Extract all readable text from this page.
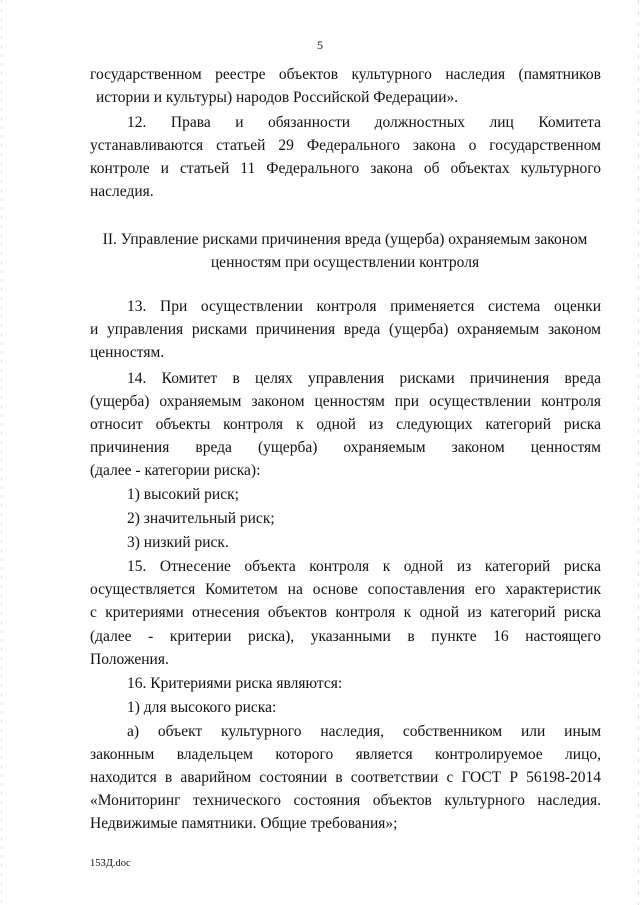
5
государственном реестре объектов культурного наследия (памятников
истории и культуры) народов Российской Федерации».
12. Права и обязанности должностных лиц Комитета
устанавливаются статьей 29 Федерального закона о государственном
контроле и статьей 11 Федерального закона об объектах культурного
наследия.
II. Управление рисками причинения вреда (ущерба) охраняемым законом
ценностям при осуществлении контроля
13. При осуществлении контроля применяется система оценки
и управления рисками причинения вреда (ущерба) охраняемым законом
ценностям.
14. Комитет в целях управления рисками причинения вреда
(ущерба) охраняемым законом ценностям при осуществлении контроля
относит объекты контроля к одной из следующих категорий риска
причинения вреда (ущерба) охраняемым законом ценностям
(далее - категории риска):
1) высокий риск;
2) значительный риск;
3) низкий риск.
15. Отнесение объекта контроля к одной из категорий риска
осуществляется Комитетом на основе сопоставления его характеристик
с критериями отнесения объектов контроля к одной из категорий риска
(далее - критерии риска), указанными в пункте 16 настоящего
Положения.
16. Критериями риска являются:
1) для высокого риска:
а) объект культурного наследия, собственником или иным
законным владельцем которого является контролируемое лицо,
находится в аварийном состоянии в соответствии с ГОСТ Р 56198-2014
«Мониторинг технического состояния объектов культурного наследия.
Недвижимые памятники. Общие требования»;
153Д.doc
